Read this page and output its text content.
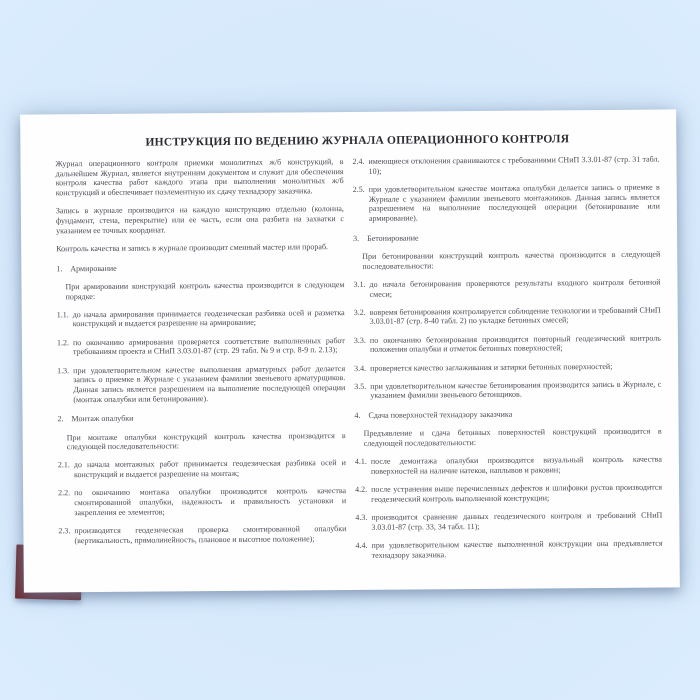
ИНСТРУКЦИЯ ПО ВЕДЕНИЮ ЖУРНАЛА ОПЕРАЦИОННОГО КОНТРОЛЯ
Журнал операционного контроля приемки монолитных ж/б конструкций, в дальнейшем Журнал, является внутренним документом и служит для обеспечения контроля качества работ каждого этапа при выполнении монолитных ж/б конструкций и обеспечивает поэлементную их сдачу технадзору заказчика.
Запись в журнале производится на каждую конструкцию отдельно (колонна, фундамент, стена, перекрытие) или ее часть, если она разбита на захватки с указанием ее точных координат.
Контроль качества и запись в журнале производит сменный мастер или прораб.
1. Армирование
При армировании конструкций контроль качества производится в следующем порядке:
1.1. до начала армирования принимается геодезическая разбивка осей и разметка конструкций и выдается разрешение на армирование;
1.2. по окончанию армирования проверяется соответствие выполненных работ требованиям проекта и СНиП 3.03.01-87 (стр. 29 табл. № 9 и стр. 8-9 п. 2.13);
1.3. при удовлетворительном качестве выполнения арматурных работ делается запись о приемке в Журнале с указанием фамилии звеньевого арматурщиков. Данная запись является разрешением на выполнение последующей операции (монтаж опалубки или бетонирование).
2. Монтаж опалубки
При монтаже опалубки конструкций контроль качества производится в следующей последовательности:
2.1. до начала монтажных работ принимается геодезическая разбивка осей и конструкций и выдается разрешение на монтаж;
2.2. по окончанию монтажа опалубки производится контроль качества смонтированной опалубки, надежность и правильность установки и закрепления ее элементов;
2.3. производится геодезическая проверка смонтированной опалубки (вертикальность, прямолинейность, плановое и высотное положение);
2.4. имеющиеся отклонения сравниваются с требованиями СНиП 3.3.01-87 (стр. 31 табл. 10);
2.5. при удовлетворительном качестве монтажа опалубки делается запись о приемке в Журнале с указанием фамилии звеньевого монтажников. Данная запись является разрешением на выполнение последующей операции (бетонирование или армирование).
3. Бетонирование
При бетонировании конструкций контроль качества производится в следующей последовательности:
3.1. до начала бетонирования проверяются результаты входного контроля бетонной смеси;
3.2. вовремя бетонирования контролируется соблюдение технологии и требований СНиП 3.03.01-87 (стр. 8-40 табл. 2) по укладке бетонных смесей;
3.3. по окончанию бетонирования производится повторный геодезический контроль положения опалубки и отметок бетонных поверхностей;
3.4. проверяется качество заглаживания и затирки бетонных поверхностей;
3.5. при удовлетворительном качестве бетонирования производится запись в Журнале, с указанием фамилии звеньевого бетонщиков.
4. Сдача поверхностей технадзору заказчика
Предъявление и сдача бетонных поверхностей конструкций производится в следующей последовательности:
4.1. после демонтажа опалубки производится визуальный контроль качества поверхностей на наличие натеков, наплывов и раковин;
4.2. после устранения выше перечисленных дефектов и шлифовки рустов производится геодезический контроль выполненной конструкции;
4.3. производится сравнение данных геодезического контроля и требований СНиП 3.03.01-87 (стр. 33, 34 табл. 11);
4.4. при удовлетворительном качестве выполненной конструкции она предъявляется технадзору заказчика.
